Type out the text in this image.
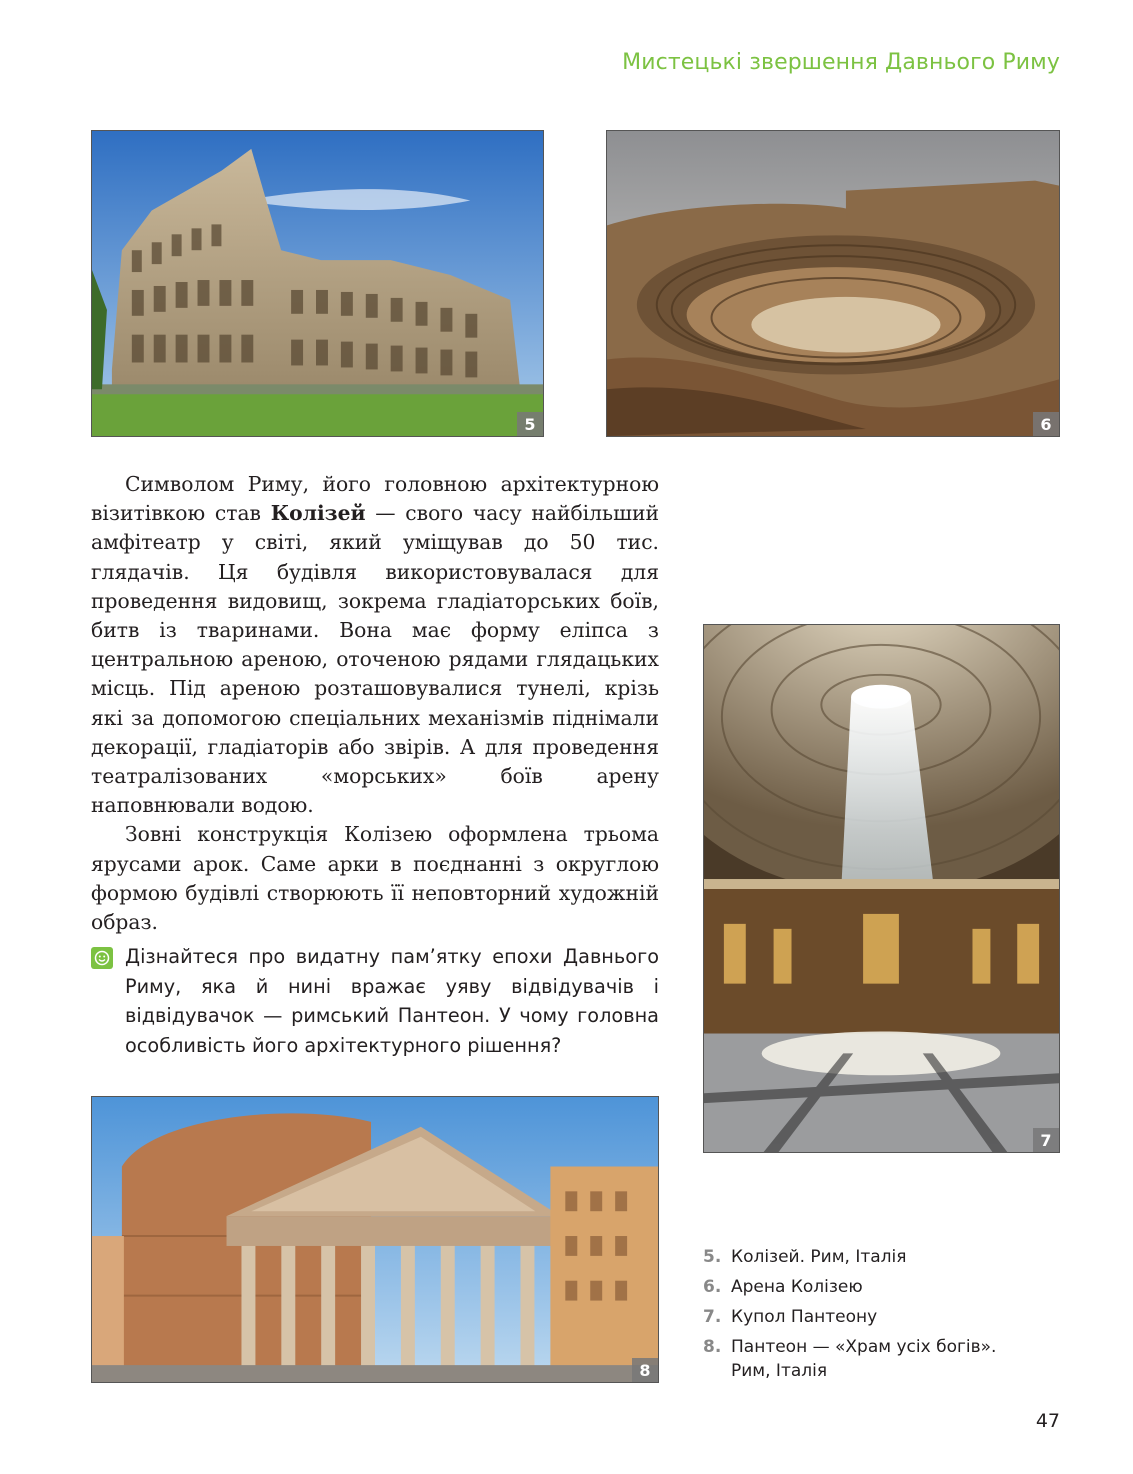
Мистецькі звершення Давнього Риму
5	6

Символом Риму, його головною архітектурною візитівкою став Колізей — свого часу найбільший амфітеатр у світі, який уміщував до 50 тис. глядачів. Ця будівля використовувалася для проведення видовищ, зокрема гладіаторських боїв, битв із тваринами. Вона має форму еліпса з центральною ареною, оточеною рядами глядацьких місць. Під ареною розташовувалися тунелі, крізь які за допомогою спеціальних механізмів піднімали декорації, гладіаторів або звірів. А для проведення театралізованих «морських» боїв арену наповнювали водою.

Зовні конструкція Колізею оформлена трьома ярусами арок. Саме арки в поєднанні з округлою формою будівлі створюють її неповторний художній образ.

Дізнайтеся про видатну пам’ятку епохи Давнього Риму, яка й нині вражає уяву відвідувачів і відвідувачок — римський Пантеон. У чому головна особливість його архітектурного рішення?
7
8
5. Колізей. Рим, Італія
6. Арена Колізею
7. Купол Пантеону
8. Пантеон — «Храм усіх богів». Рим, Італія
47
